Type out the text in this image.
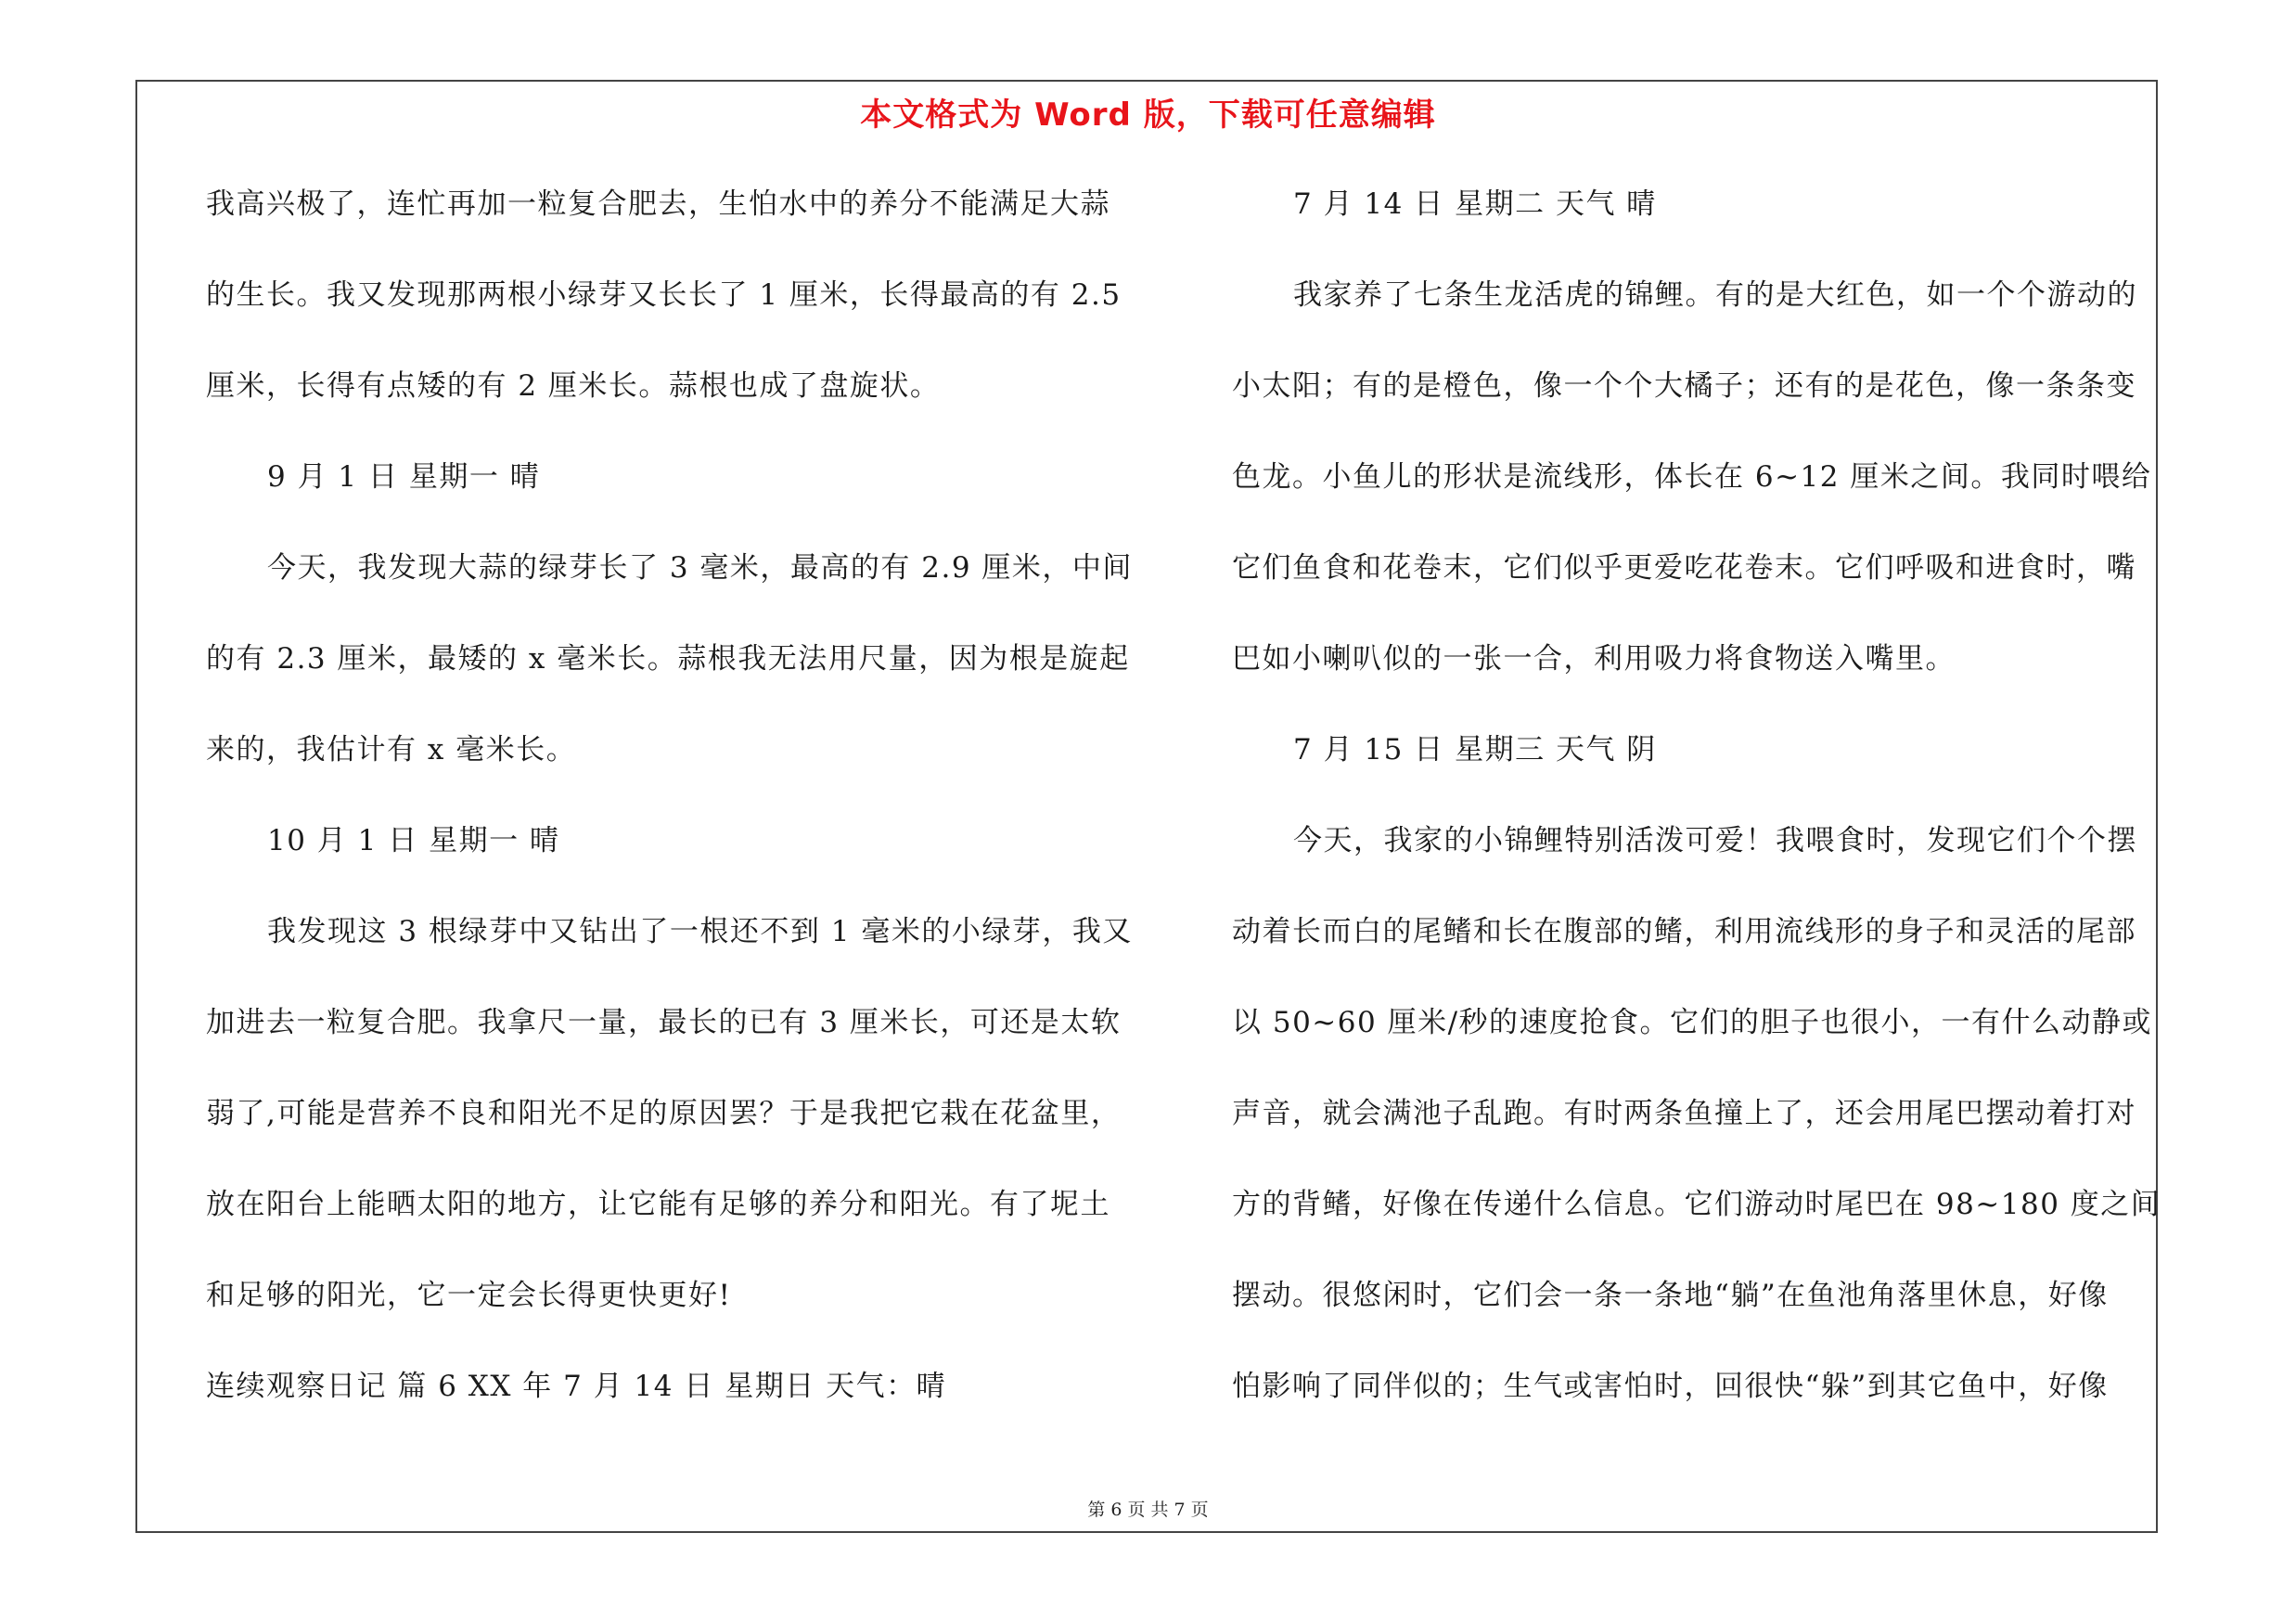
本文格式为 Word 版，下载可任意编辑
我高兴极了，连忙再加一粒复合肥去，生怕水中的养分不能满足大蒜
的生长。我又发现那两根小绿芽又长长了 1 厘米，长得最高的有 2.5
厘米，长得有点矮的有 2 厘米长。蒜根也成了盘旋状。
9 月 1 日 星期一 晴
今天，我发现大蒜的绿芽长了 3 毫米，最高的有 2.9 厘米，中间
的有 2.3 厘米，最矮的 x 毫米长。蒜根我无法用尺量，因为根是旋起
来的，我估计有 x 毫米长。
10 月 1 日 星期一 晴
我发现这 3 根绿芽中又钻出了一根还不到 1 毫米的小绿芽，我又
加进去一粒复合肥。我拿尺一量，最长的已有 3 厘米长，可还是太软
弱了,可能是营养不良和阳光不足的原因罢？于是我把它栽在花盆里，
放在阳台上能晒太阳的地方，让它能有足够的养分和阳光。有了坭土
和足够的阳光，它一定会长得更快更好!
连续观察日记 篇 6 XX 年 7 月 14 日 星期日 天气：晴
7 月 14 日 星期二 天气 晴
我家养了七条生龙活虎的锦鲤。有的是大红色，如一个个游动的
小太阳；有的是橙色，像一个个大橘子；还有的是花色，像一条条变
色龙。小鱼儿的形状是流线形，体长在 6~12 厘米之间。我同时喂给
它们鱼食和花卷末，它们似乎更爱吃花卷末。它们呼吸和进食时，嘴
巴如小喇叭似的一张一合，利用吸力将食物送入嘴里。
7 月 15 日 星期三 天气 阴
今天，我家的小锦鲤特别活泼可爱！我喂食时，发现它们个个摆
动着长而白的尾鳍和长在腹部的鳍，利用流线形的身子和灵活的尾部
以 50~60 厘米/秒的速度抢食。它们的胆子也很小，一有什么动静或
声音，就会满池子乱跑。有时两条鱼撞上了，还会用尾巴摆动着打对
方的背鳍，好像在传递什么信息。它们游动时尾巴在 98~180 度之间
摆动。很悠闲时，它们会一条一条地“躺”在鱼池角落里休息，好像
怕影响了同伴似的；生气或害怕时，回很快“躲”到其它鱼中，好像
第 6 页 共 7 页
